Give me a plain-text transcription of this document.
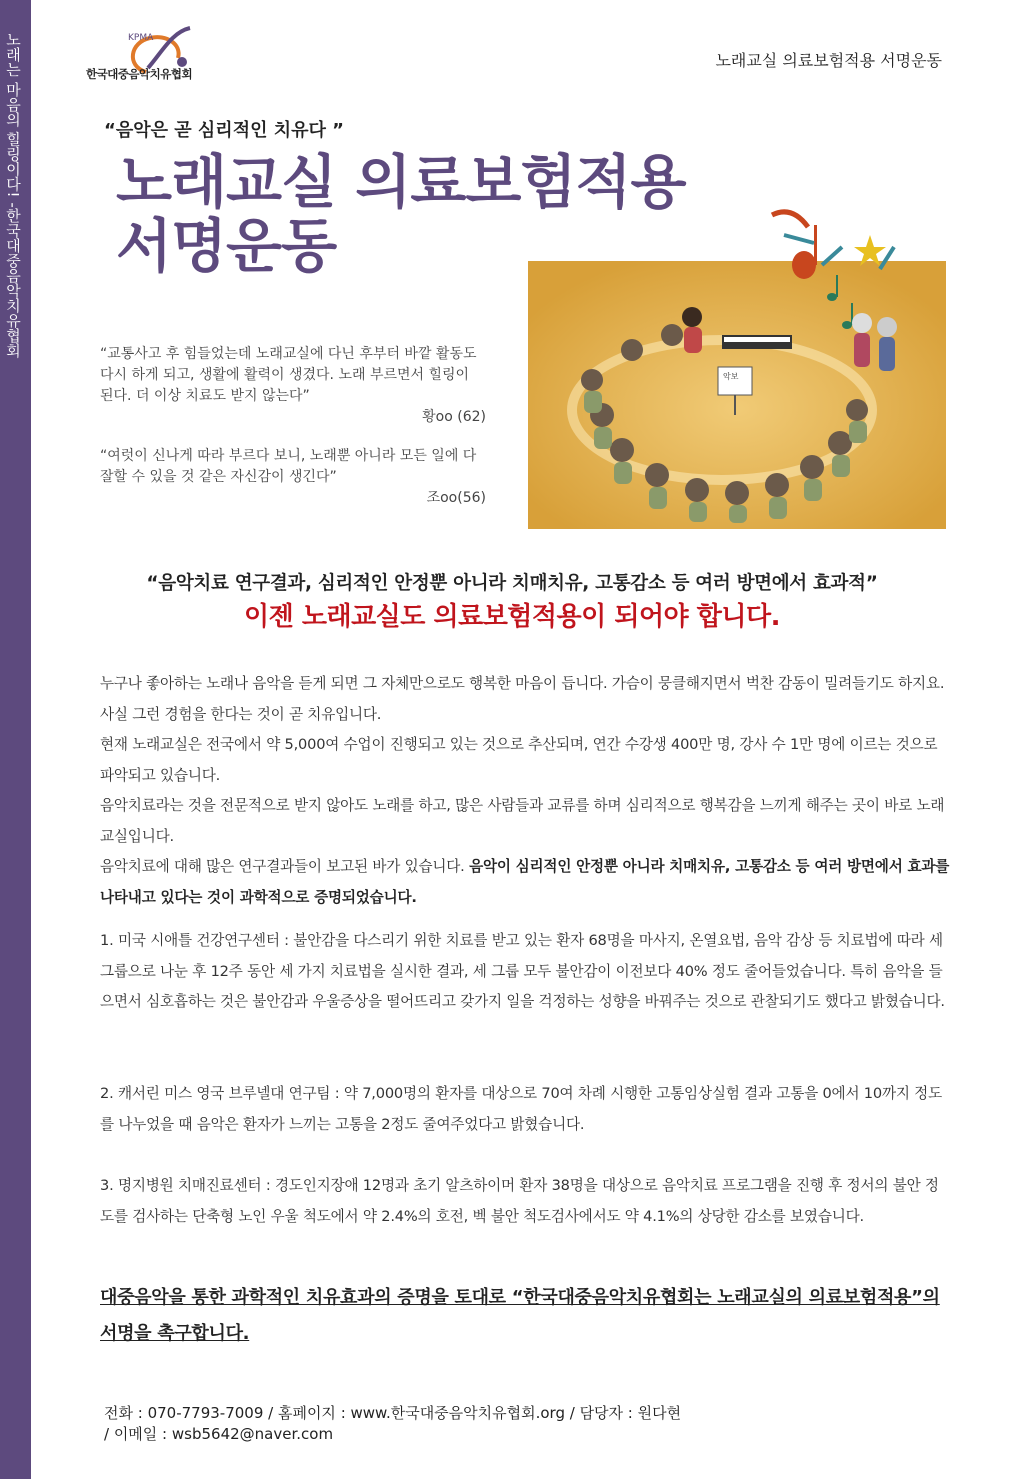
노래는 마음의 힐링이다! -한국대중음악치유협회	KPMA
한국대중음악치유협회
노래교실 의료보험적용 서명운동
“음악은 곧 심리적인 치유다 ”
노래교실 의료보험적용
서명운동
“교통사고 후 힘들었는데 노래교실에 다닌 후부터 바깥 활동도 다시 하게 되고, 생활에 활력이 생겼다. 노래 부르면서 힐링이 된다. 더 이상 치료도 받지 않는다”
황oo (62)
“여럿이 신나게 따라 부르다 보니, 노래뿐 아니라 모든 일에 다 잘할 수 있을 것 같은 자신감이 생긴다”
조oo(56)
악보
“음악치료 연구결과, 심리적인 안정뿐 아니라 치매치유, 고통감소 등 여러 방면에서 효과적”
이젠 노래교실도 의료보험적용이 되어야 합니다.

누구나 좋아하는 노래나 음악을 듣게 되면 그 자체만으로도 행복한 마음이 듭니다. 가슴이 뭉클해지면서 벅찬 감동이 밀려들기도 하지요. 사실 그런 경험을 한다는 것이 곧 치유입니다.

현재 노래교실은 전국에서 약 5,000여 수업이 진행되고 있는 것으로 추산되며, 연간 수강생 400만 명, 강사 수 1만 명에 이르는 것으로 파악되고 있습니다.

음악치료라는 것을 전문적으로 받지 않아도 노래를 하고, 많은 사람들과 교류를 하며 심리적으로 행복감을 느끼게 해주는 곳이 바로 노래교실입니다.

음악치료에 대해 많은 연구결과들이 보고된 바가 있습니다. 음악이 심리적인 안정뿐 아니라 치매치유, 고통감소 등 여러 방면에서 효과를 나타내고 있다는 것이 과학적으로 증명되었습니다.

1. 미국 시애틀 건강연구센터 : 불안감을 다스리기 위한 치료를 받고 있는 환자 68명을 마사지, 온열요법, 음악 감상 등 치료법에 따라 세 그룹으로 나눈 후 12주 동안 세 가지 치료법을 실시한 결과, 세 그룹 모두 불안감이 이전보다 40% 정도 줄어들었습니다. 특히 음악을 들으면서 심호흡하는 것은 불안감과 우울증상을 떨어뜨리고 갖가지 일을 걱정하는 성향을 바꿔주는 것으로 관찰되기도 했다고 밝혔습니다.
2. 캐서린 미스 영국 브루넬대 연구팀 : 약 7,000명의 환자를 대상으로 70여 차례 시행한 고통임상실험 결과 고통을 0에서 10까지 정도를 나누었을 때 음악은 환자가 느끼는 고통을 2정도 줄여주었다고 밝혔습니다.
3. 명지병원 치매진료센터 : 경도인지장애 12명과 초기 알츠하이머 환자 38명을 대상으로 음악치료 프로그램을 진행 후 정서의 불안 정도를 검사하는 단축형 노인 우울 척도에서 약 2.4%의 호전, 벡 불안 척도검사에서도 약 4.1%의 상당한 감소를 보였습니다.
대중음악을 통한 과학적인 치유효과의 증명을 토대로 “한국대중음악치유협회는 노래교실의 의료보험적용”의 서명을 촉구합니다.
전화 : 070-7793-7009 / 홈페이지 : www.한국대중음악치유협회.org / 담당자 : 원다현
/ 이메일 : wsb5642@naver.com
